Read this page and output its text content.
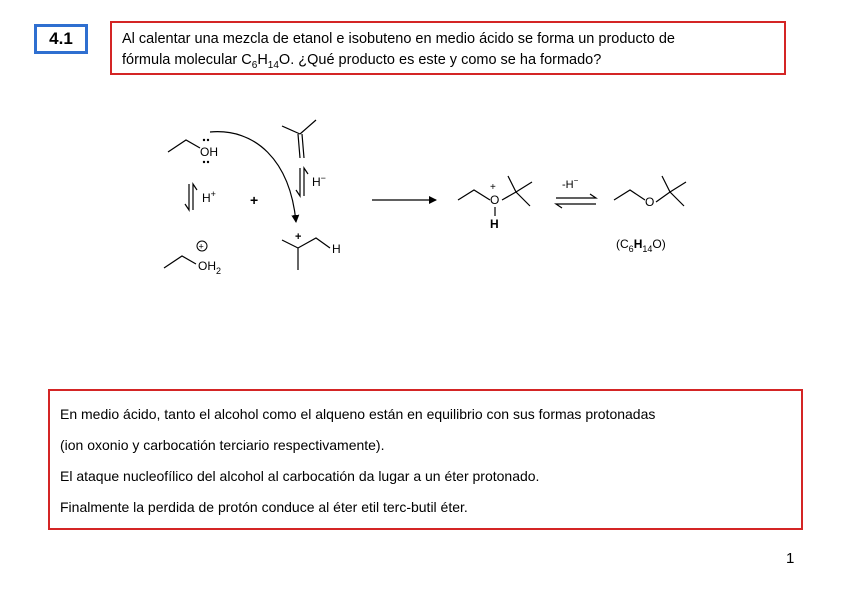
4.1	Al calentar una mezcla de etanol e isobuteno en medio ácido se forma un producto de
fórmula molecular $C_6H_{14}O$. ¿Qué producto es este y como se ha formado?
OH
H+ +
+
$OH_2$
H−
+
H
+
O
H
-H−
O
$(C_6H_{14}O)$

En medio ácido, tanto el alcohol como el alqueno están en equilibrio con sus formas protonadas

(ion oxonio y carbocatión terciario respectivamente).

El ataque nucleofílico del alcohol al carbocatión da lugar a un éter protonado.

Finalmente la perdida de protón conduce al éter etil terc-butil éter.

1
